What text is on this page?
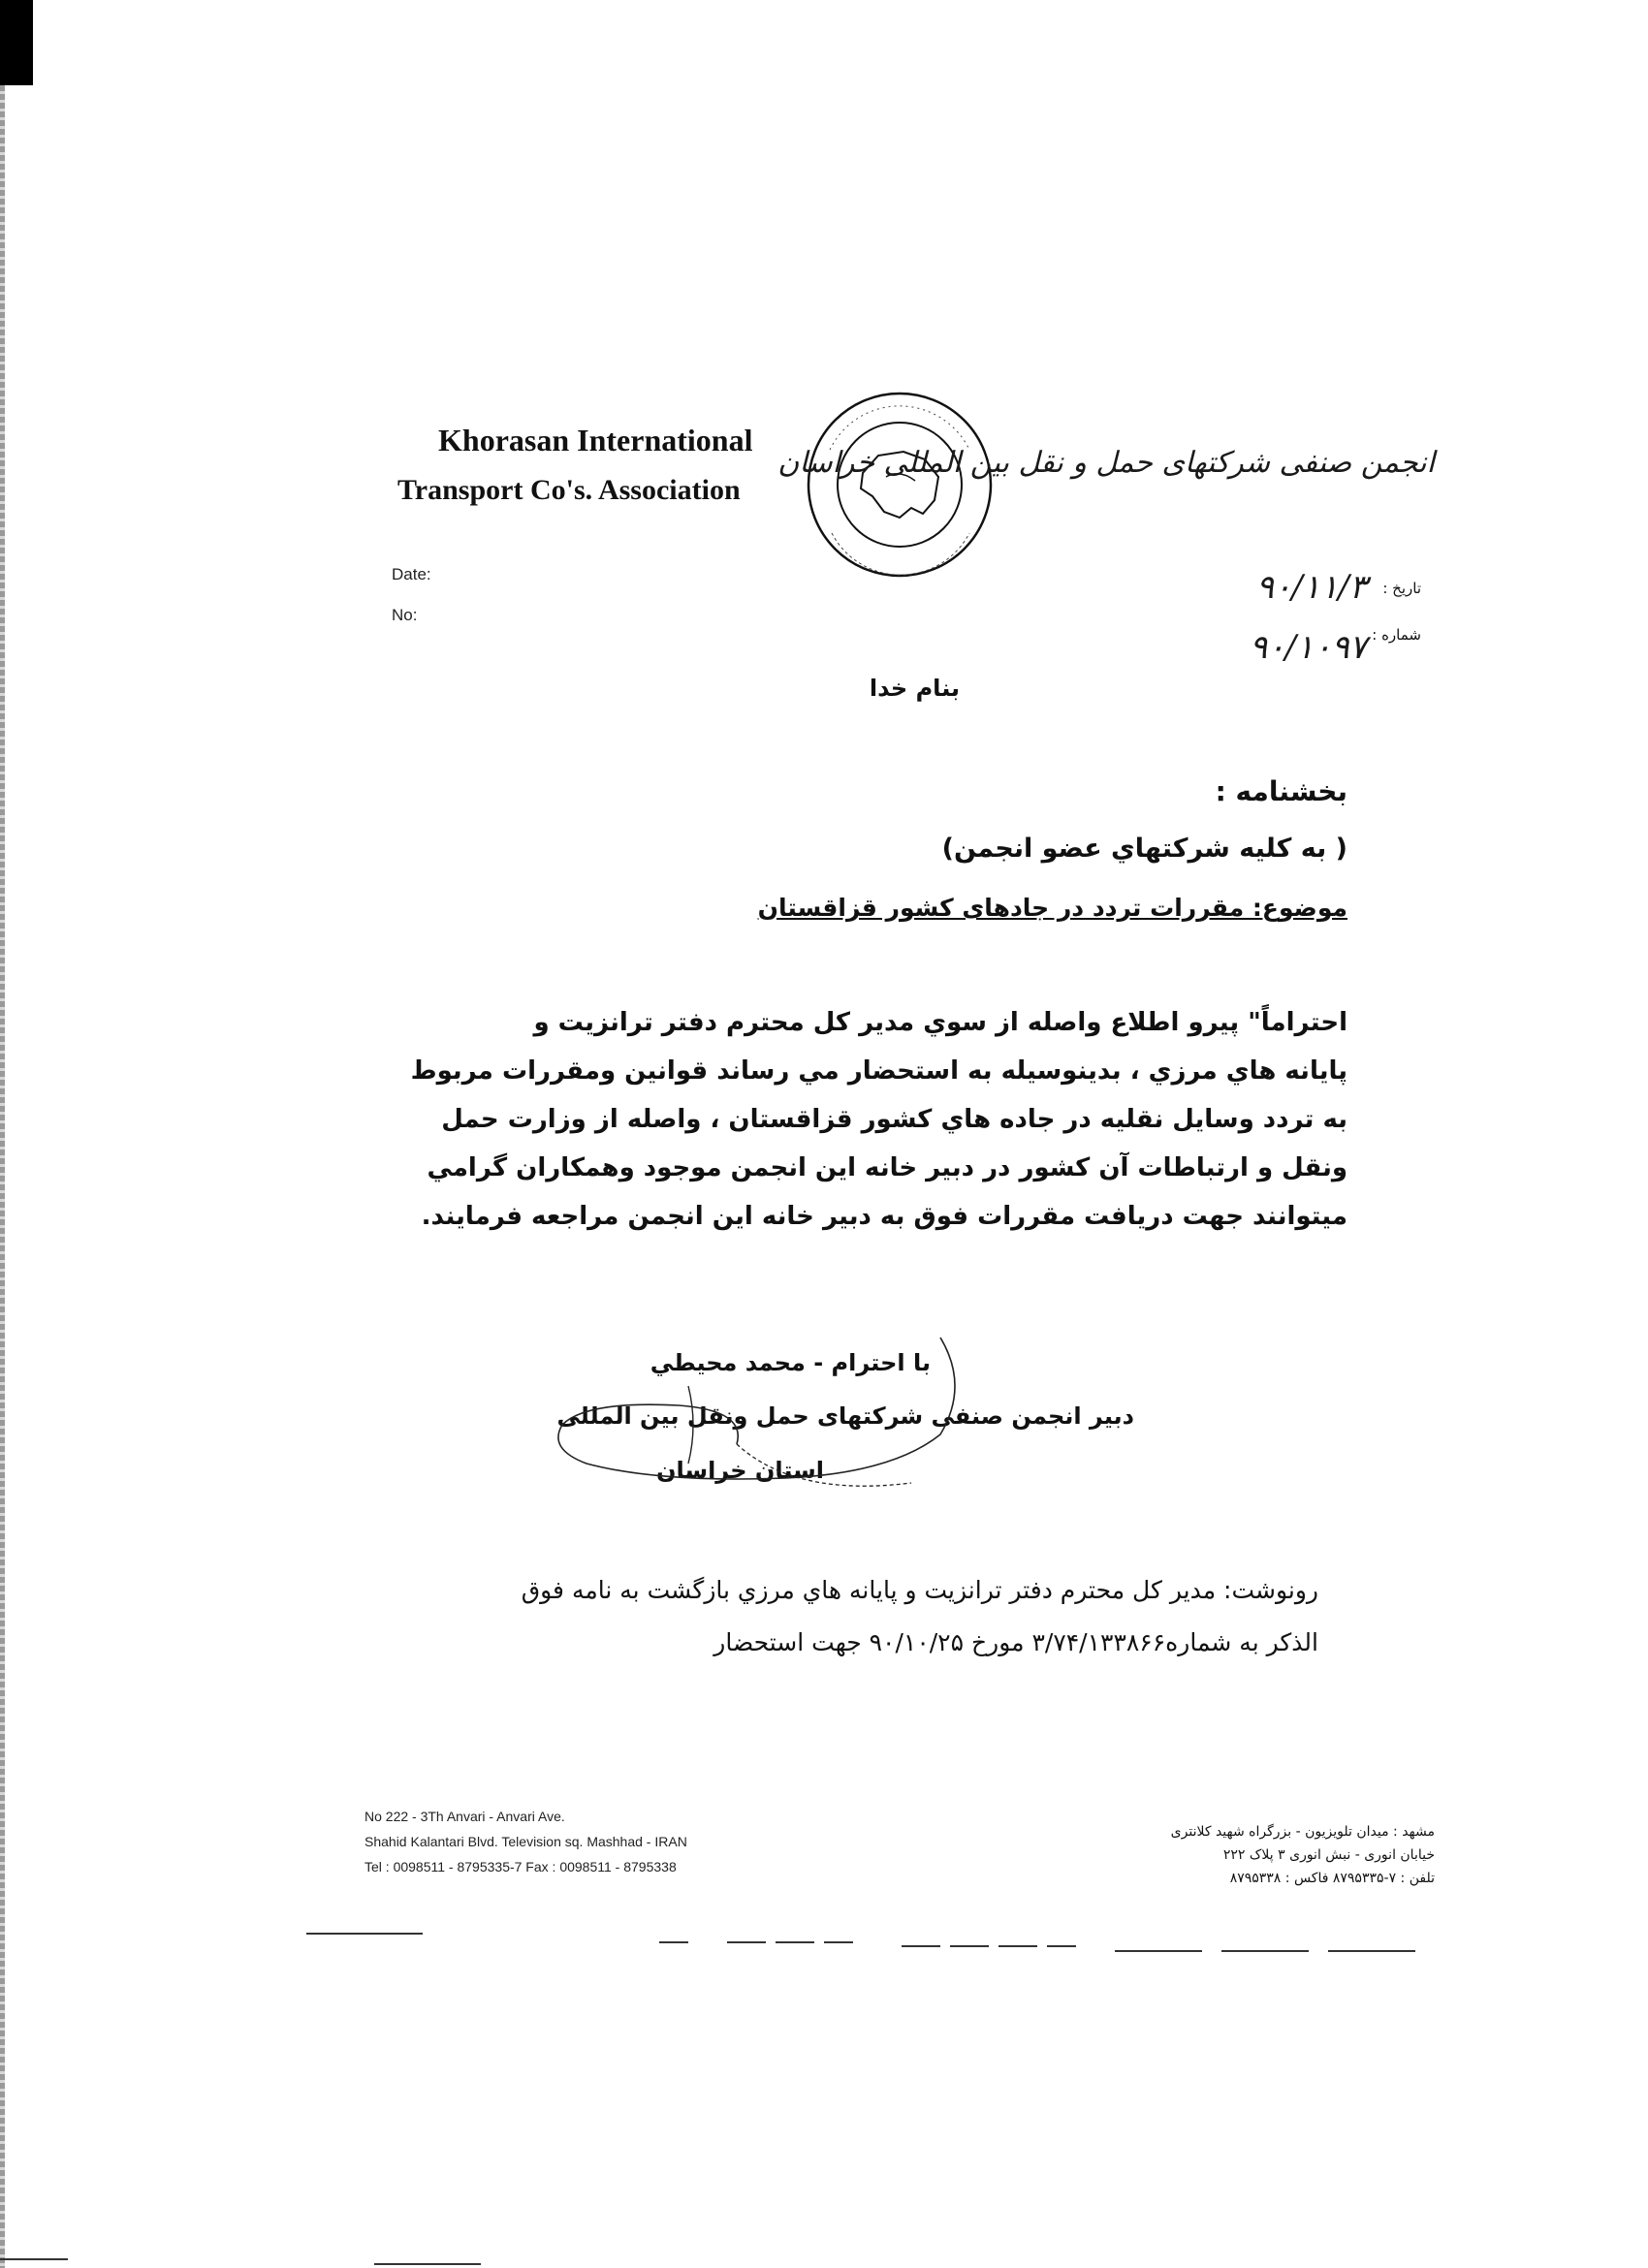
Khorasan International
Transport Co's. Association
انجمن صنفی شرکتهای حمل و نقل بین المللی خراسان
Date:
No:
تاریخ :
۹۰/۱۱/۳
شماره :
۹۰/۱۰۹۷
بنام خدا
بخشنامه :
( به كليه شركتهاي عضو انجمن)
موضوع: مقررات تردد در جادهای کشور قزاقستان
احتراماً" پيرو اطلاع واصله از سوي مدير كل محترم دفتر ترانزيت و
پايانه هاي مرزي ، بدينوسيله به استحضار مي رساند قوانين ومقررات مربوط
به تردد وسايل نقليه در جاده هاي كشور قزاقستان ، واصله از وزارت حمل
ونقل و ارتباطات آن كشور در دبير خانه اين انجمن موجود وهمكاران گرامي
ميتوانند جهت دريافت مقررات فوق به دبير خانه اين انجمن مراجعه فرمايند.
با احترام - محمد محيطي
دبير انجمن صنفی شرکتهای حمل ونقل بین المللی
استان خراسان
رونوشت: مدير كل محترم دفتر ترانزيت و پايانه هاي مرزي بازگشت به نامه فوق
الذكر به شماره۳/۷۴/۱۳۳۸۶۶ مورخ ۹۰/۱۰/۲۵ جهت استحضار
No 222 - 3Th Anvari - Anvari Ave.
Shahid Kalantari Blvd. Television sq. Mashhad - IRAN
Tel : 0098511 - 8795335-7 Fax : 0098511 - 8795338
مشهد : میدان تلویزیون - بزرگراه شهید کلانتری
خیابان انوری - نبش انوری ۳ پلاک ۲۲۲
تلفن : ۷-۸۷۹۵۳۳۵ فاکس : ۸۷۹۵۳۳۸
